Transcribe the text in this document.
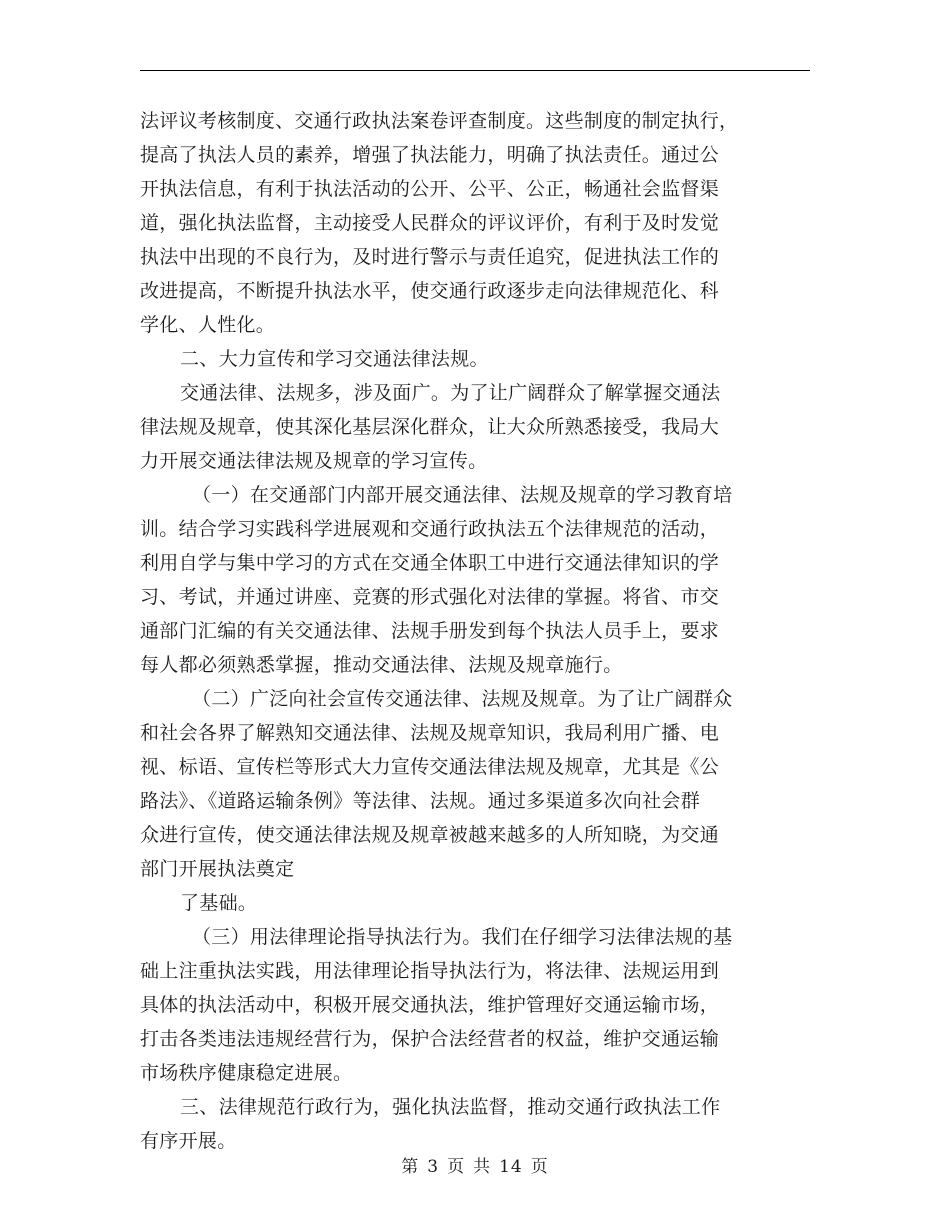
法评议考核制度、交通行政执法案卷评查制度。这些制度的制定执行，
提高了执法人员的素养，增强了执法能力，明确了执法责任。通过公
开执法信息，有利于执法活动的公开、公平、公正，畅通社会监督渠
道，强化执法监督，主动接受人民群众的评议评价，有利于及时发觉
执法中出现的不良行为，及时进行警示与责任追究，促进执法工作的
改进提高，不断提升执法水平，使交通行政逐步走向法律规范化、科
学化、人性化。

二、大力宣传和学习交通法律法规。

交通法律、法规多，涉及面广。为了让广阔群众了解掌握交通法
律法规及规章，使其深化基层深化群众，让大众所熟悉接受，我局大
力开展交通法律法规及规章的学习宣传。

（一）在交通部门内部开展交通法律、法规及规章的学习教育培
训。结合学习实践科学进展观和交通行政执法五个法律规范的活动，
利用自学与集中学习的方式在交通全体职工中进行交通法律知识的学
习、考试，并通过讲座、竞赛的形式强化对法律的掌握。将省、市交
通部门汇编的有关交通法律、法规手册发到每个执法人员手上，要求
每人都必须熟悉掌握，推动交通法律、法规及规章施行。

（二）广泛向社会宣传交通法律、法规及规章。为了让广阔群众
和社会各界了解熟知交通法律、法规及规章知识，我局利用广播、电
视、标语、宣传栏等形式大力宣传交通法律法规及规章，尤其是《公
路法》、《道路运输条例》等法律、法规。通过多渠道多次向社会群
众进行宣传，使交通法律法规及规章被越来越多的人所知晓，为交通
部门开展执法奠定

了基础。

（三）用法律理论指导执法行为。我们在仔细学习法律法规的基
础上注重执法实践，用法律理论指导执法行为，将法律、法规运用到
具体的执法活动中，积极开展交通执法，维护管理好交通运输市场，
打击各类违法违规经营行为，保护合法经营者的权益，维护交通运输
市场秩序健康稳定进展。

三、法律规范行政行为，强化执法监督，推动交通行政执法工作
有序开展。

第 3 页 共 14 页
